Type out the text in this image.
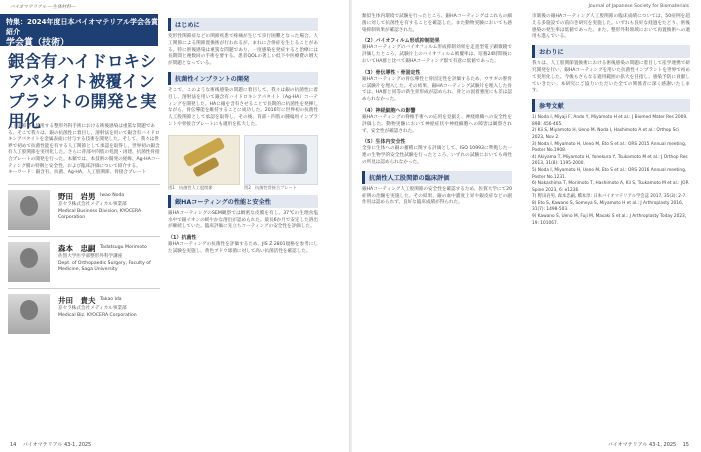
バイオマテリアル ―生体材料―
特集：2024年度日本バイオマテリアル学会各賞紹介
学会賞（技術）
銀含有ハイドロキシアパタイト被覆インプラントの開発と実用化
人工関節等を使用する整形外科手術における術後感染は重篤な問題である。そこで我々は、銀の抗菌性に着目し、溶射法を用いて銀含有ハイドロキシアパタイトを金属表面に付与する技術を開発した。そして、我々は世界で初めて抗菌性能を有する人工関節として承認を取得し、世界初の銀含有人工股関節を実用化した。さらに背部や四肢の処置・再建、抗菌性骨接合プレートの開発を行った。本稿では、本技術の開発の経緯、Ag-HAコーティング膜の特徴と安全性、および臨床評価について紹介する。
キーワード：銀含有、抗菌、Ag-HA、人工股関節、骨接合プレート
野田　岩男 Iwao Noda
京セラ株式会社メディカル事業部
Medical Business Division, KYOCERA Corporation
森本　忠嗣 Tadatsugu Morimoto
佐賀大学医学部整形外科学講座
Dept. of Orthopaedic Surgery, Faculty of Medicine, Saga University
井田　貴夫 Takao Ida
京セラ株式会社メディカル事業部
Medical Biz. KYOCERA Corporation
はじめに

変形性関節症などの関節疾患で疼痛が生じて歩行困難となった場合、人工関節による関節置換術が行われるが、まれに合併症を生じることがある。特に術後感染は重篤な問題であり、一度感染を発症すると治療には長期間と複数回の手術を要する。患者QOLの著しい低下や医療費の増大が問題となっている。

抗菌性インプラントの開発

そこで、このような術後感染の問題に着目して、我々は銀の抗菌性に着目し、溶射法を用いて銀含有ハイドロキシアパタイト（Ag-HA）コーティングを開発した。HAに銀を含有させることで長期的に抗菌性を発揮しながら、骨伝導能を維持することに成功した。2016年に世界初の抗菌性人工股関節として承認を取得し、その後、背部・四肢の腫瘍用インプラントや骨接合プレートにも適用を拡大した。

図1　抗菌性人工股関節	図2　抗菌性骨接合プレート
銀HAコーティングの性能と安全性

銀HAコーティングのSEM観察では緻密な皮膜を有し、37℃の生理食塩水中で銀イオンの緩やかな溶出が認められた。最長6か月で安定した溶出が継続していた。臨床評価に先立ちコーティングの安全性を評価した。

（1）抗菌性

銀HAコーティングの抗菌性を評価するため、JIS Z 2801規格を参考にした試験を実施し、黄色ブドウ球菌に対して高い抗菌活性を確認した。

14 バイオマテリアル 43-1, 2025
Journal of Japanese Society for Biomaterials

類似生体内環境で試験を行ったところ、銀HAコーティングはこれらの細菌に対して抗菌性を有することを確認した。また動物実験においても感染抑制効果が確認された。

（2）バイオフィルム形成抑制効果

銀HAコーティングのバイオフィルム形成抑制効果を走査型電子顕微鏡で評価したところ、試験片上のバイオフィルム被覆率は、培養24時間後においてHA群と比べて銀HAコーティング群で有意に低値であった。

（3）骨伝導性・骨固定性

銀HAコーティングの骨伝導性と骨固定性を評価するため、ウサギの脛骨に試験片を埋入した。その結果、銀HAコーティング試験片を埋入した骨では、HA群と同等の新生骨形成が認められ、骨との固着強度にも差は認められなかった。

（4）神経細胞への影響

銀HAコーティングの脊椎手術への応用を見据え、神経組織への安全性を評価した。動物実験において神経症状や神経細胞への障害は観察されず、安全性が確認された。

（5）生体内安全性

全身に生体への銀の蓄積に関する評価として、ISO 10993に準拠した一連の生物学的安全性試験を行ったところ、いずれの試験においても毒性の所見は認められなかった。

抗菌性人工股関節の臨床評価

銀HAコーティング人工股関節の安全性を確認するため、佐賀大学にて20症例の治験を実施した。その結果、銀の血中濃度上昇や銀皮症などの副作用は認められず、良好な臨床成績が得られた。

市販後の銀HAコーティング人工股関節の臨床成績については、50症例を超える多施設での前向き研究を実施した。いずれも良好な経過をたどり、術後感染の発生率は低値であった。また、整形外科領域において再置換術への適用も進んでいる。

おわりに

我々は、人工股関節置換術における術後感染の問題に着目して産学連携で研究開発を行い、銀HAコーティングを用いた抗菌性インプラントを世界で初めて実用化した。今後もさらなる適用範囲の拡大を目指し、感染予防に貢献していきたい。本研究にご協力いただいた全ての関係者に深く感謝いたします。

参考文献
1) Noda I, Miyaji F, Ando Y, Miyamoto H et al.: J Biomed Mater Res 2009, 89B: 456-465.
2) Kii S, Miyamoto H, Ueno M, Noda I, Hashimoto A et al.: Orthop Sci 2023, Nov 2.
3) Noda I, Miyamoto H, Ueno M, Eto S et al.: ORS 2015 Annual meeting, Poster No.1908.
4) Akiyama T, Miyamoto H, Yonekura Y, Tsukamoto M et al.: J Orthop Res 2013, 31(8): 1195-2000.
5) Noda I, Miyamoto H, Ueno M, Eto S et al.: ORS 2016 Annual meeting, Poster No.1231.
6) Nakashima T, Morimoto T, Hashimoto A, Kii S, Tsukamoto M et al.: JOR Spine 2023, 6: e1236.
7) 野田岩男, 森本忠嗣, 橋本淳: 日本バイオマテリアル学会誌 2017, 35(3): 2-7.
8) Eto S, Kawano S, Someya S, Miyamoto H et al.: J Arthroplasty 2016, 31(7): 1498-503.
9) Kawano S, Ueno M, Fuji M, Masaki S et al.: J Arthroplasty Today 2023, 19: 101067.
バイオマテリアル 43-1, 2025 15
